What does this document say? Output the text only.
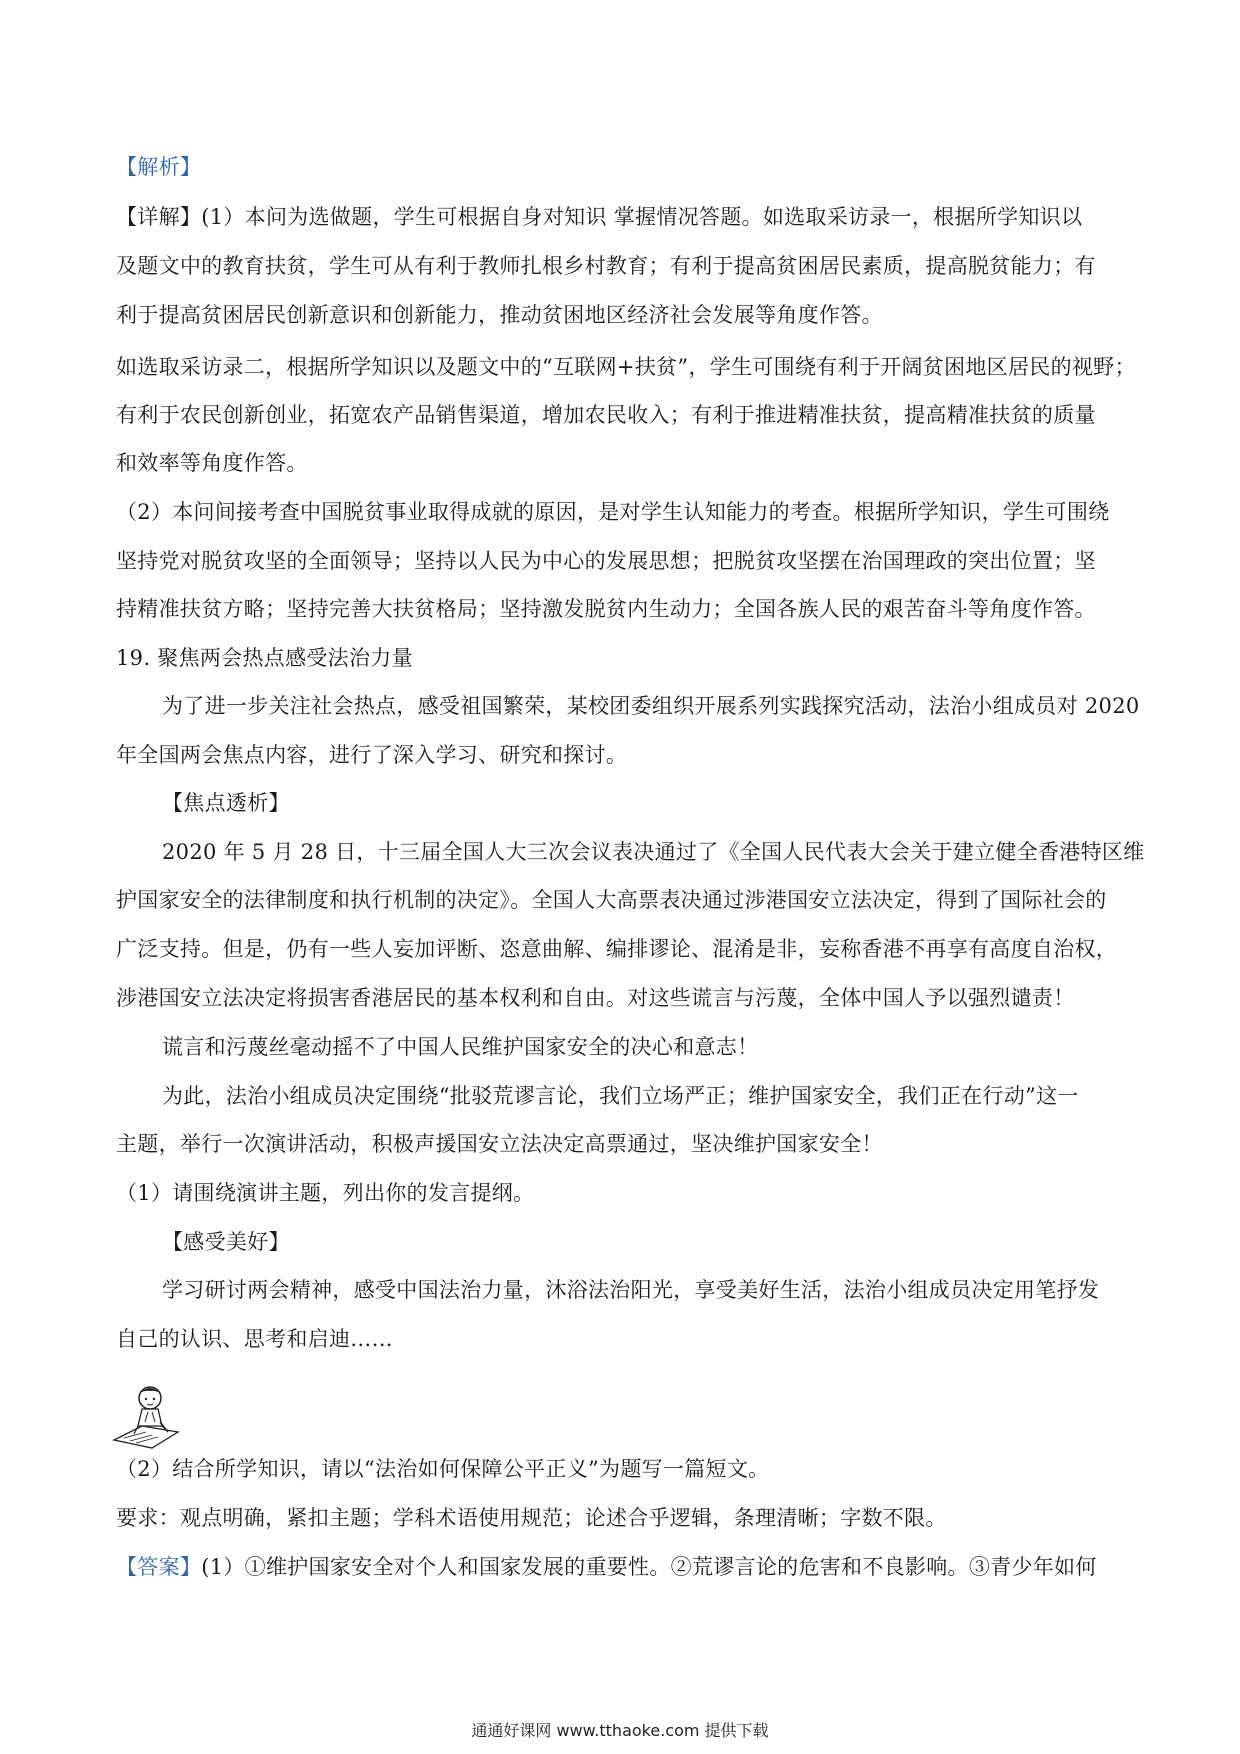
【解析】
【详解】(1）本问为选做题，学生可根据自身对知识 掌握情况答题。如选取采访录一，根据所学知识以
及题文中的教育扶贫，学生可从有利于教师扎根乡村教育；有利于提高贫困居民素质，提高脱贫能力；有
利于提高贫困居民创新意识和创新能力，推动贫困地区经济社会发展等角度作答。
如选取采访录二，根据所学知识以及题文中的“互联网+扶贫”，学生可围绕有利于开阔贫困地区居民的视野；
有利于农民创新创业，拓宽农产品销售渠道，增加农民收入；有利于推进精准扶贫，提高精准扶贫的质量
和效率等角度作答。
（2）本问间接考查中国脱贫事业取得成就的原因，是对学生认知能力的考查。根据所学知识，学生可围绕
坚持党对脱贫攻坚的全面领导；坚持以人民为中心的发展思想；把脱贫攻坚摆在治国理政的突出位置；坚
持精准扶贫方略；坚持完善大扶贫格局；坚持激发脱贫内生动力；全国各族人民的艰苦奋斗等角度作答。
19. 聚焦两会热点感受法治力量
为了进一步关注社会热点，感受祖国繁荣，某校团委组织开展系列实践探究活动，法治小组成员对 2020
年全国两会焦点内容，进行了深入学习、研究和探讨。
【焦点透析】
2020 年 5 月 28 日，十三届全国人大三次会议表决通过了《全国人民代表大会关于建立健全香港特区维
护国家安全的法律制度和执行机制的决定》。全国人大高票表决通过涉港国安立法决定，得到了国际社会的
广泛支持。但是，仍有一些人妄加评断、恣意曲解、编排谬论、混淆是非，妄称香港不再享有高度自治权，
涉港国安立法决定将损害香港居民的基本权利和自由。对这些谎言与污蔑，全体中国人予以强烈谴责！
谎言和污蔑丝毫动摇不了中国人民维护国家安全的决心和意志！
为此，法治小组成员决定围绕“批驳荒谬言论，我们立场严正；维护国家安全，我们正在行动”这一
主题，举行一次演讲活动，积极声援国安立法决定高票通过，坚决维护国家安全！
（1）请围绕演讲主题，列出你的发言提纲。
【感受美好】
学习研讨两会精神，感受中国法治力量，沐浴法治阳光，享受美好生活，法治小组成员决定用笔抒发
自己的认识、思考和启迪……
（2）结合所学知识，请以“法治如何保障公平正义”为题写一篇短文。
要求：观点明确，紧扣主题；学科术语使用规范；论述合乎逻辑，条理清晰；字数不限。
【答案】(1）①维护国家安全对个人和国家发展的重要性。②荒谬言论的危害和不良影响。③青少年如何
通通好课网 www.tthaoke.com 提供下载
